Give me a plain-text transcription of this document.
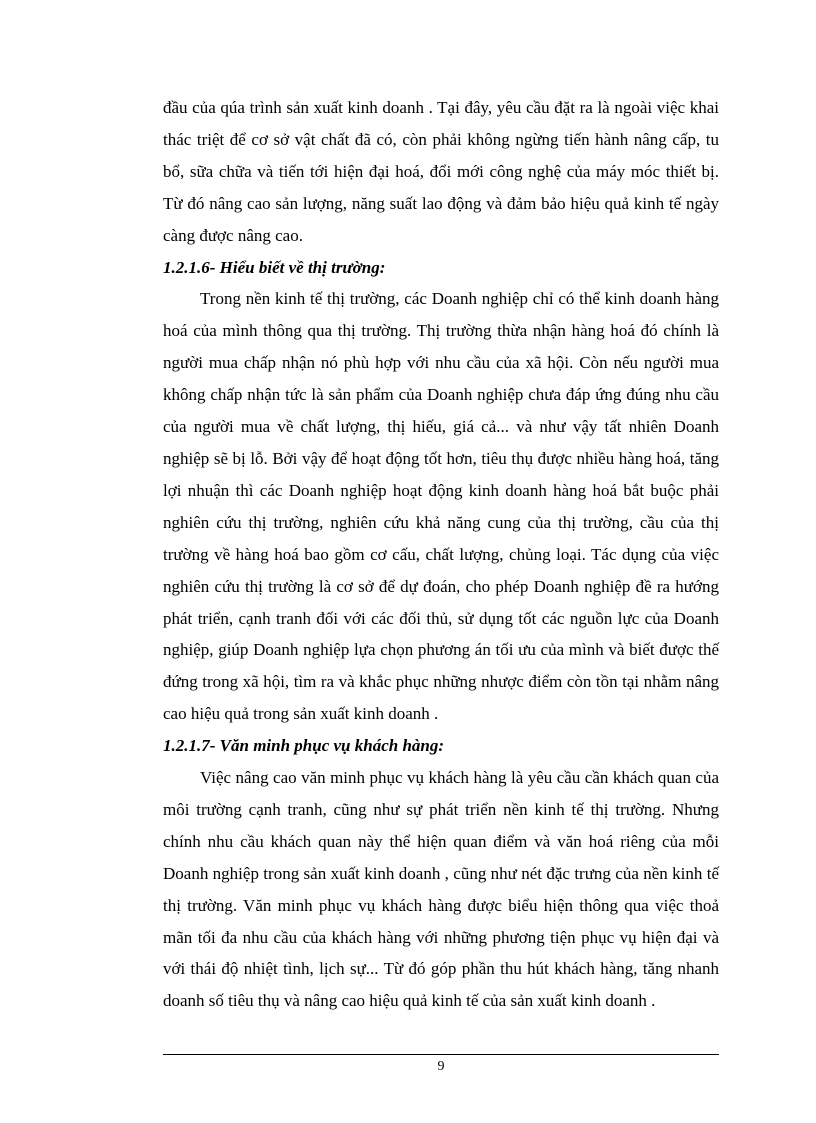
đầu của qúa trình sản xuất kinh doanh . Tại đây, yêu cầu đặt ra là ngoài việc khai thác triệt để cơ sở vật chất đã có, còn phải không ngừng tiến hành nâng cấp, tu bổ, sữa chữa và tiến tới hiện đại hoá, đổi mới công nghệ của máy móc thiết bị. Từ đó nâng cao sản lượng, năng suất lao động và đảm bảo hiệu quả kinh tế ngày càng được nâng cao.

1.2.1.6- Hiểu biết về thị trường:

Trong nền kinh tế thị trường, các Doanh nghiệp chỉ có thể kinh doanh hàng hoá của mình thông qua thị trường. Thị trường thừa nhận hàng hoá đó chính là người mua chấp nhận nó phù hợp với nhu cầu của xã hội. Còn nếu người mua không chấp nhận tức là sản phẩm của Doanh nghiệp chưa đáp ứng đúng nhu cầu của người mua về chất lượng, thị hiếu, giá cả... và như vậy tất nhiên Doanh nghiệp sẽ bị lỗ. Bởi vậy để hoạt động tốt hơn, tiêu thụ được nhiều hàng hoá, tăng lợi nhuận thì các Doanh nghiệp hoạt động kinh doanh hàng hoá bắt buộc phải nghiên cứu thị trường, nghiên cứu khả năng cung của thị trường, cầu của thị trường về hàng hoá bao gồm cơ cấu, chất lượng, chủng loại. Tác dụng của việc nghiên cứu thị trường là cơ sở để dự đoán, cho phép Doanh nghiệp đề ra hướng phát triển, cạnh tranh đối với các đối thủ, sử dụng tốt các nguồn lực của Doanh nghiệp, giúp Doanh nghiệp lựa chọn phương án tối ưu của mình và biết được thế đứng trong xã hội, tìm ra và khắc phục những nhược điểm còn tồn tại nhằm nâng cao hiệu quả trong sản xuất kinh doanh .

1.2.1.7- Văn minh phục vụ khách hàng:

Việc nâng cao văn minh phục vụ khách hàng là yêu cầu cần khách quan của môi trường cạnh tranh, cũng như sự phát triển nền kinh tế thị trường. Nhưng chính nhu cầu khách quan này thể hiện quan điểm và văn hoá riêng của mỗi Doanh nghiệp trong sản xuất kinh doanh , cũng như nét đặc trưng của nền kinh tế thị trường. Văn minh phục vụ khách hàng được biểu hiện thông qua việc thoả mãn tối đa nhu cầu của khách hàng với những phương tiện phục vụ hiện đại và với thái độ nhiệt tình, lịch sự... Từ đó góp phần thu hút khách hàng, tăng nhanh doanh số tiêu thụ và nâng cao hiệu quả kinh tế của sản xuất kinh doanh .

9
